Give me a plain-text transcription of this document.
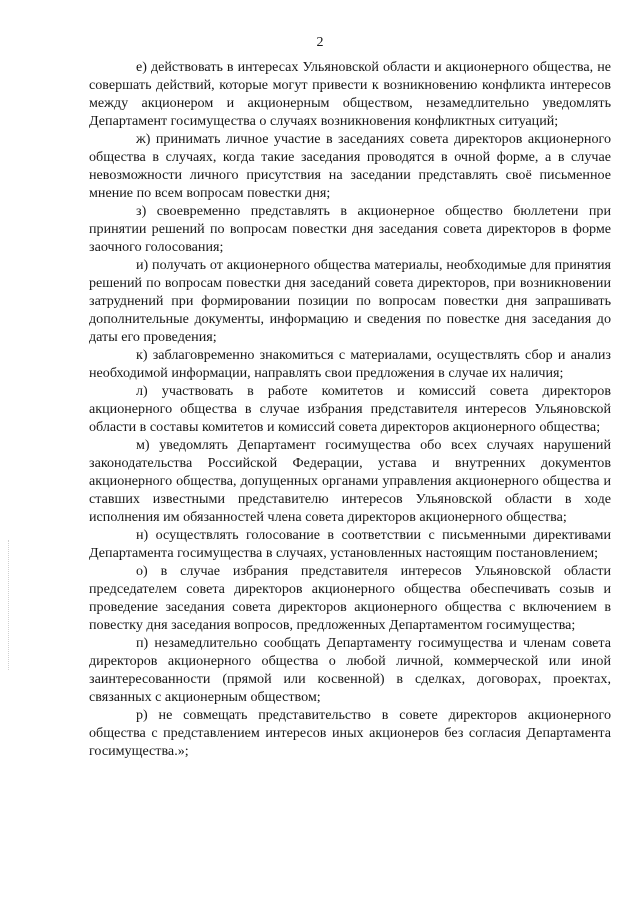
2

е) действовать в интересах Ульяновской области и акционерного общества, не совершать действий, которые могут привести к возникновению конфликта интересов между акционером и акционерным обществом, незамедлительно уведомлять Департамент госимущества о случаях возникновения конфликтных ситуаций;

ж) принимать личное участие в заседаниях совета директоров акционерного общества в случаях, когда такие заседания проводятся в очной форме, а в случае невозможности личного присутствия на заседании представлять своё письменное мнение по всем вопросам повестки дня;

з) своевременно представлять в акционерное общество бюллетени при принятии решений по вопросам повестки дня заседания совета директоров в форме заочного голосования;

и) получать от акционерного общества материалы, необходимые для принятия решений по вопросам повестки дня заседаний совета директоров, при возникновении затруднений при формировании позиции по вопросам повестки дня запрашивать дополнительные документы, информацию и сведения по повестке дня заседания до даты его проведения;

к) заблаговременно знакомиться с материалами, осуществлять сбор и анализ необходимой информации, направлять свои предложения в случае их наличия;

л) участвовать в работе комитетов и комиссий совета директоров акционерного общества в случае избрания представителя интересов Ульяновской области в составы комитетов и комиссий совета директоров акционерного общества;

м) уведомлять Департамент госимущества обо всех случаях нарушений законодательства Российской Федерации, устава и внутренних документов акционерного общества, допущенных органами управления акционерного общества и ставших известными представителю интересов Ульяновской области в ходе исполнения им обязанностей члена совета директоров акционерного общества;

н) осуществлять голосование в соответствии с письменными директивами Департамента госимущества в случаях, установленных настоящим постановлением;

о) в случае избрания представителя интересов Ульяновской области председателем совета директоров акционерного общества обеспечивать созыв и проведение заседания совета директоров акционерного общества с включением в повестку дня заседания вопросов, предложенных Департаментом госимущества;

п) незамедлительно сообщать Департаменту госимущества и членам совета директоров акционерного общества о любой личной, коммерческой или иной заинтересованности (прямой или косвенной) в сделках, договорах, проектах, связанных с акционерным обществом;

р) не совмещать представительство в совете директоров акционерного общества с представлением интересов иных акционеров без согласия Департамента госимущества.»;
